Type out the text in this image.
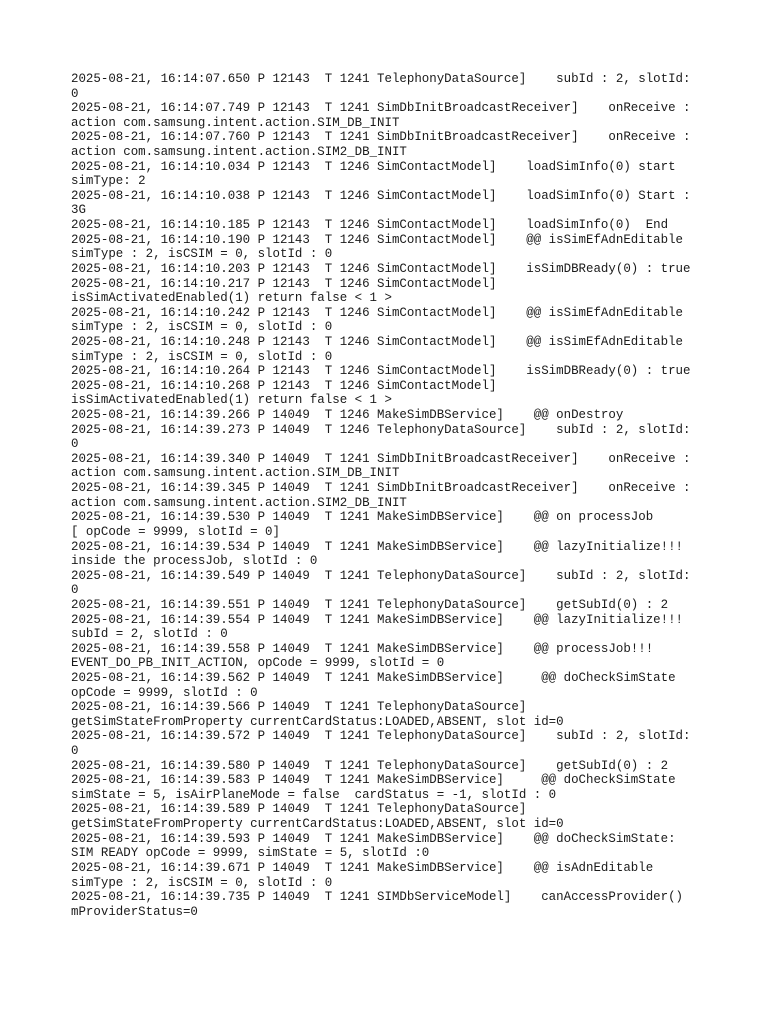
2025-08-21, 16:14:07.650 P 12143  T 1241 TelephonyDataSource]    subId : 2, slotId:
0
2025-08-21, 16:14:07.749 P 12143  T 1241 SimDbInitBroadcastReceiver]    onReceive :
action com.samsung.intent.action.SIM_DB_INIT
2025-08-21, 16:14:07.760 P 12143  T 1241 SimDbInitBroadcastReceiver]    onReceive :
action com.samsung.intent.action.SIM2_DB_INIT
2025-08-21, 16:14:10.034 P 12143  T 1246 SimContactModel]    loadSimInfo(0) start
simType: 2
2025-08-21, 16:14:10.038 P 12143  T 1246 SimContactModel]    loadSimInfo(0) Start :
3G
2025-08-21, 16:14:10.185 P 12143  T 1246 SimContactModel]    loadSimInfo(0)  End
2025-08-21, 16:14:10.190 P 12143  T 1246 SimContactModel]    @@ isSimEfAdnEditable
simType : 2, isCSIM = 0, slotId : 0
2025-08-21, 16:14:10.203 P 12143  T 1246 SimContactModel]    isSimDBReady(0) : true
2025-08-21, 16:14:10.217 P 12143  T 1246 SimContactModel]
isSimActivatedEnabled(1) return false < 1 >
2025-08-21, 16:14:10.242 P 12143  T 1246 SimContactModel]    @@ isSimEfAdnEditable
simType : 2, isCSIM = 0, slotId : 0
2025-08-21, 16:14:10.248 P 12143  T 1246 SimContactModel]    @@ isSimEfAdnEditable
simType : 2, isCSIM = 0, slotId : 0
2025-08-21, 16:14:10.264 P 12143  T 1246 SimContactModel]    isSimDBReady(0) : true
2025-08-21, 16:14:10.268 P 12143  T 1246 SimContactModel]
isSimActivatedEnabled(1) return false < 1 >
2025-08-21, 16:14:39.266 P 14049  T 1246 MakeSimDBService]    @@ onDestroy
2025-08-21, 16:14:39.273 P 14049  T 1246 TelephonyDataSource]    subId : 2, slotId:
0
2025-08-21, 16:14:39.340 P 14049  T 1241 SimDbInitBroadcastReceiver]    onReceive :
action com.samsung.intent.action.SIM_DB_INIT
2025-08-21, 16:14:39.345 P 14049  T 1241 SimDbInitBroadcastReceiver]    onReceive :
action com.samsung.intent.action.SIM2_DB_INIT
2025-08-21, 16:14:39.530 P 14049  T 1241 MakeSimDBService]    @@ on processJob
[ opCode = 9999, slotId = 0]
2025-08-21, 16:14:39.534 P 14049  T 1241 MakeSimDBService]    @@ lazyInitialize!!!
inside the processJob, slotId : 0
2025-08-21, 16:14:39.549 P 14049  T 1241 TelephonyDataSource]    subId : 2, slotId:
0
2025-08-21, 16:14:39.551 P 14049  T 1241 TelephonyDataSource]    getSubId(0) : 2
2025-08-21, 16:14:39.554 P 14049  T 1241 MakeSimDBService]    @@ lazyInitialize!!!
subId = 2, slotId : 0
2025-08-21, 16:14:39.558 P 14049  T 1241 MakeSimDBService]    @@ processJob!!!
EVENT_DO_PB_INIT_ACTION, opCode = 9999, slotId = 0
2025-08-21, 16:14:39.562 P 14049  T 1241 MakeSimDBService]     @@ doCheckSimState
opCode = 9999, slotId : 0
2025-08-21, 16:14:39.566 P 14049  T 1241 TelephonyDataSource]
getSimStateFromProperty currentCardStatus:LOADED,ABSENT, slot id=0
2025-08-21, 16:14:39.572 P 14049  T 1241 TelephonyDataSource]    subId : 2, slotId:
0
2025-08-21, 16:14:39.580 P 14049  T 1241 TelephonyDataSource]    getSubId(0) : 2
2025-08-21, 16:14:39.583 P 14049  T 1241 MakeSimDBService]     @@ doCheckSimState
simState = 5, isAirPlaneMode = false  cardStatus = -1, slotId : 0
2025-08-21, 16:14:39.589 P 14049  T 1241 TelephonyDataSource]
getSimStateFromProperty currentCardStatus:LOADED,ABSENT, slot id=0
2025-08-21, 16:14:39.593 P 14049  T 1241 MakeSimDBService]    @@ doCheckSimState:
SIM READY opCode = 9999, simState = 5, slotId :0
2025-08-21, 16:14:39.671 P 14049  T 1241 MakeSimDBService]    @@ isAdnEditable
simType : 2, isCSIM = 0, slotId : 0
2025-08-21, 16:14:39.735 P 14049  T 1241 SIMDbServiceModel]    canAccessProvider()
mProviderStatus=0
